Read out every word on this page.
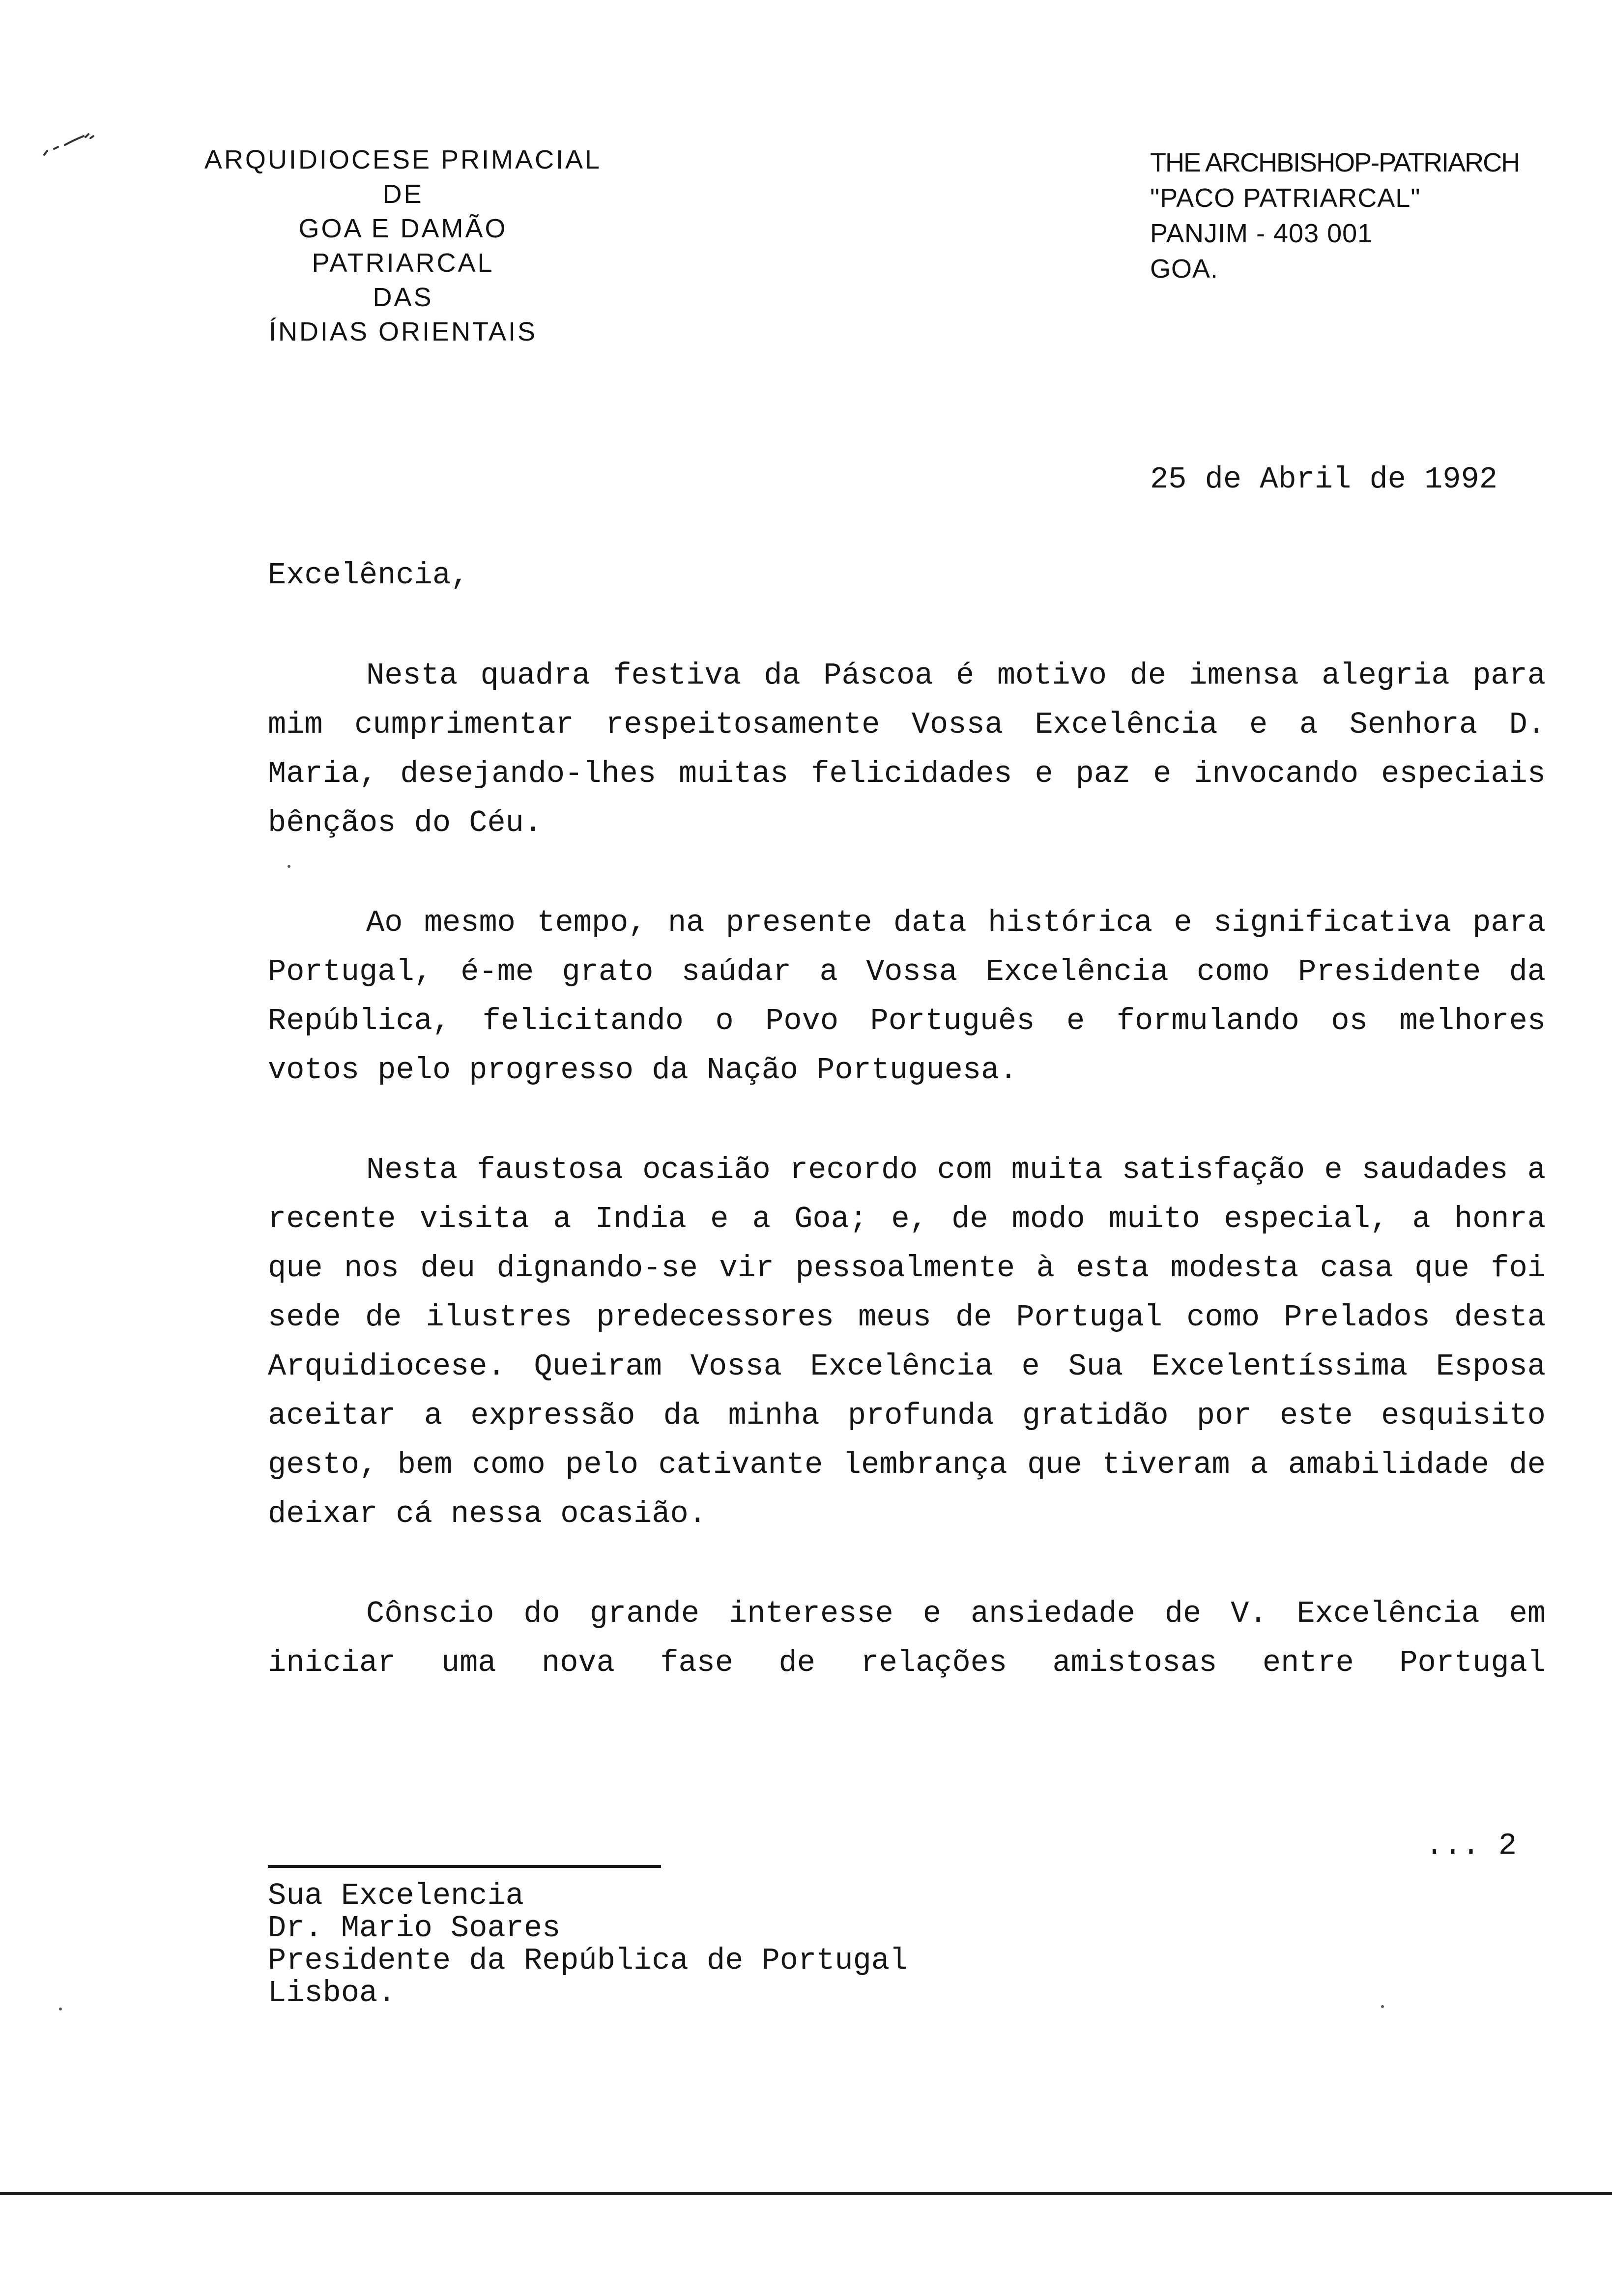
ARQUIDIOCESE PRIMACIAL
DE
GOA E DAMÃO
PATRIARCAL
DAS
ÍNDIAS ORIENTAIS
THE ARCHBISHOP-PATRIARCH
"PACO PATRIARCAL"
PANJIM - 403 001
GOA.
25 de Abril de 1992
Excelência,

Nesta quadra festiva da Páscoa é motivo de imensa alegria para mim cumprimentar respeitosamente Vossa Excelência e a Senhora D. Maria, desejando-lhes muitas felicidades e paz e invocando especiais bênçãos do Céu.

Ao mesmo tempo, na presente data histórica e significativa para Portugal, é-me grato saúdar a Vossa Excelência como Presidente da República, felicitando o Povo Português e formulando os melhores votos pelo progresso da Nação Portuguesa.

Nesta faustosa ocasião recordo com muita satisfação e saudades a recente visita a India e a Goa; e, de modo muito especial, a honra que nos deu dignando-se vir pessoalmente à esta modesta casa que foi sede de ilustres predecessores meus de Portugal como Prelados desta Arquidiocese. Queiram Vossa Excelência e Sua Excelentíssima Esposa aceitar a expressão da minha profunda gratidão por este esquisito gesto, bem como pelo cativante lembrança que tiveram a amabilidade de deixar cá nessa ocasião.

Cônscio do grande interesse e ansiedade de V. Excelência em iniciar uma nova fase de relações amistosas entre Portugal

... 2
Sua Excelencia
Dr. Mario Soares
Presidente da República de Portugal
Lisboa.
